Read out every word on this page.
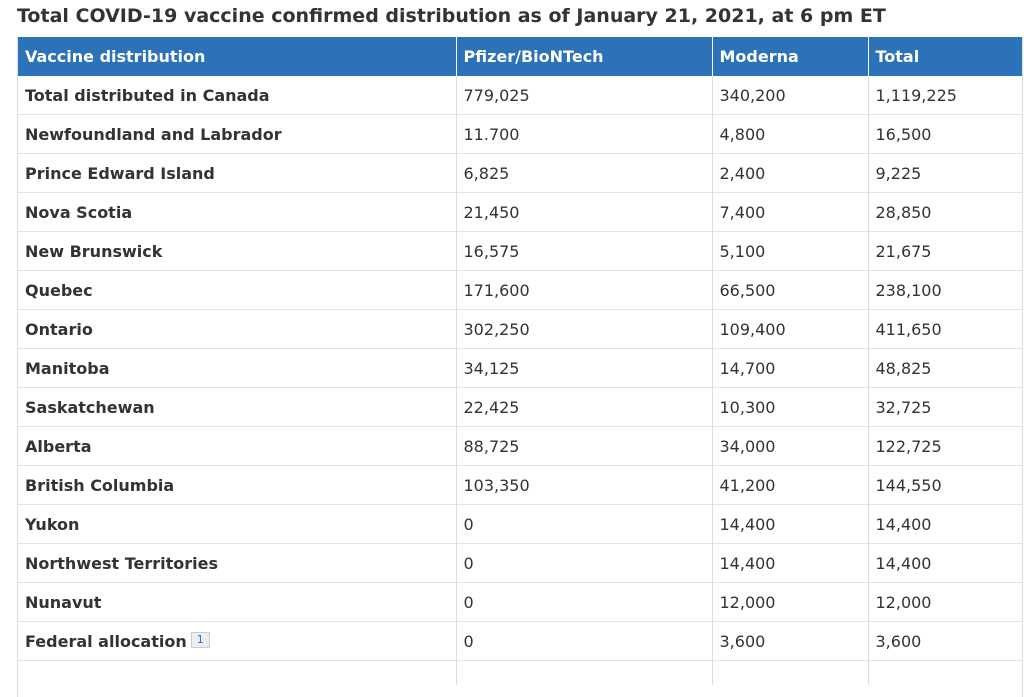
Total COVID-19 vaccine confirmed distribution as of January 21, 2021, at 6 pm ET
Vaccine distribution	Pfizer/BioNTech	Moderna	Total
Total distributed in Canada	779,025	340,200	1,119,225
Newfoundland and Labrador	11.700	4,800	16,500
Prince Edward Island	6,825	2,400	9,225
Nova Scotia	21,450	7,400	28,850
New Brunswick	16,575	5,100	21,675
Quebec	171,600	66,500	238,100
Ontario	302,250	109,400	411,650
Manitoba	34,125	14,700	48,825
Saskatchewan	22,425	10,300	32,725
Alberta	88,725	34,000	122,725
British Columbia	103,350	41,200	144,550
Yukon	0	14,400	14,400
Northwest Territories	0	14,400	14,400
Nunavut	0	12,000	12,000
Federal allocation 1	0	3,600	3,600
